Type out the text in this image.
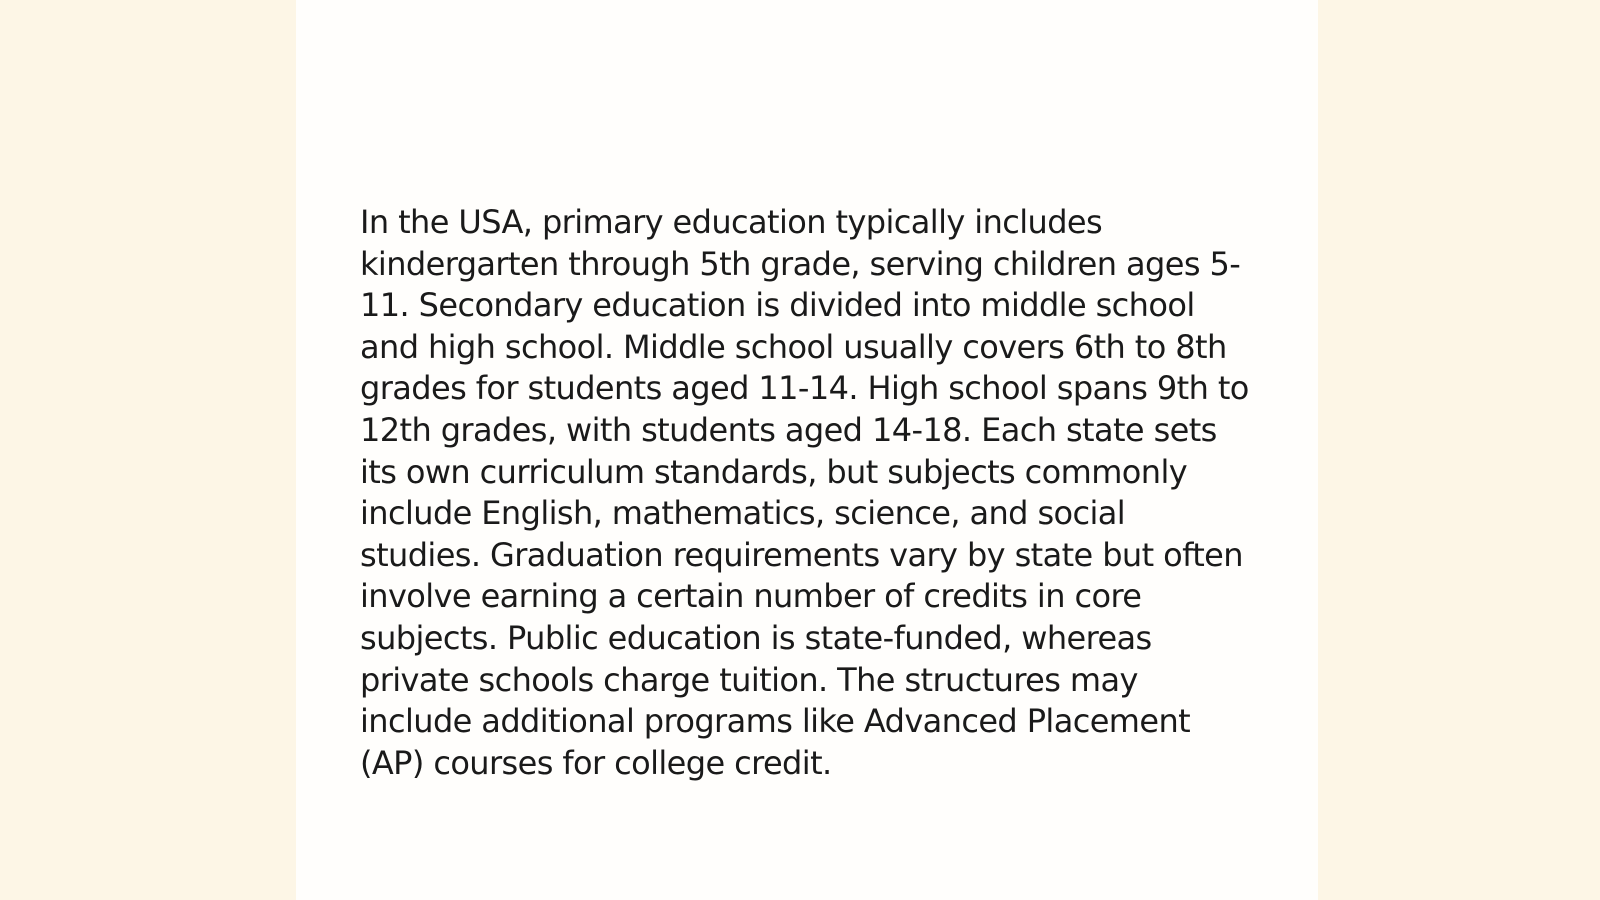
In the USA, primary education typically includes kindergarten through 5th grade, serving children ages 5-11. Secondary education is divided into middle school and high school. Middle school usually covers 6th to 8th grades for students aged 11-14. High school spans 9th to 12th grades, with students aged 14-18. Each state sets its own curriculum standards, but subjects commonly include English, mathematics, science, and social studies. Graduation requirements vary by state but often involve earning a certain number of credits in core subjects. Public education is state-funded, whereas private schools charge tuition. The structures may include additional programs like Advanced Placement (AP) courses for college credit.
